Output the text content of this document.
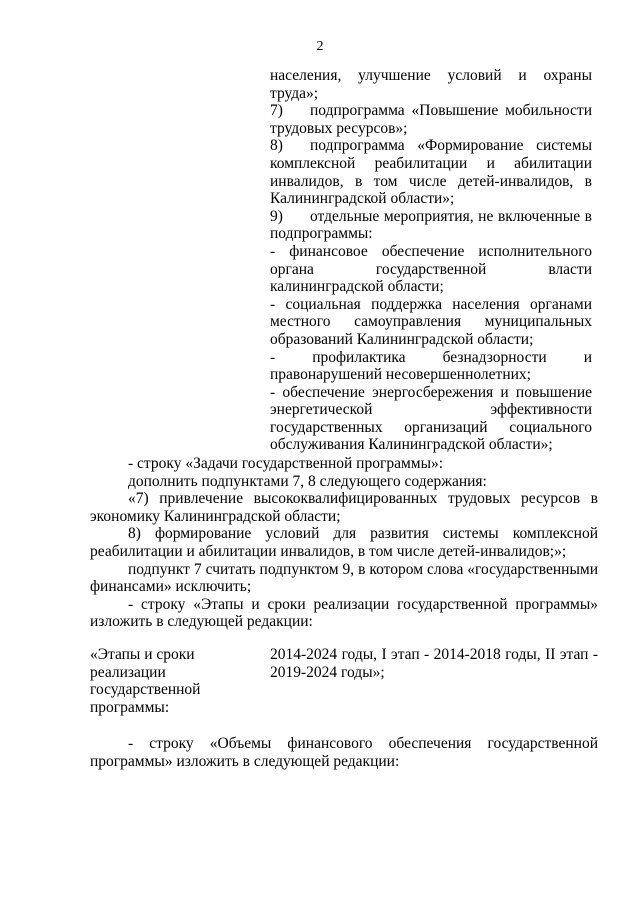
2

населения, улучшение условий и охраны труда»;

7) подпрограмма «Повышение мобильности трудовых ресурсов»;

8) подпрограмма «Формирование системы комплексной реабилитации и абилитации инвалидов, в том числе детей-инвалидов, в Калининградской области»;

9) отдельные мероприятия, не включенные в подпрограммы:

- финансовое обеспечение исполнительного органа государственной власти калининградской области;

- социальная поддержка населения органами местного самоуправления муниципальных образований Калининградской области;

- профилактика безнадзорности и правонарушений несовершеннолетних;

- обеспечение энергосбережения и повышение энергетической эффективности государственных организаций социального обслуживания Калининградской области»;

- строку «Задачи государственной программы»:

дополнить подпунктами 7, 8 следующего содержания:

«7) привлечение высококвалифицированных трудовых ресурсов в экономику Калининградской области;

8) формирование условий для развития системы комплексной реабилитации и абилитации инвалидов, в том числе детей-инвалидов;»;

подпункт 7 считать подпунктом 9, в котором слова «государственными финансами» исключить;

- строку «Этапы и сроки реализации государственной программы» изложить в следующей редакции:

«Этапы и сроки реализации государственной программы:
2014-2024 годы, I этап - 2014-2018 годы, II этап - 2019-2024 годы»;

- строку «Объемы финансового обеспечения государственной программы» изложить в следующей редакции:
